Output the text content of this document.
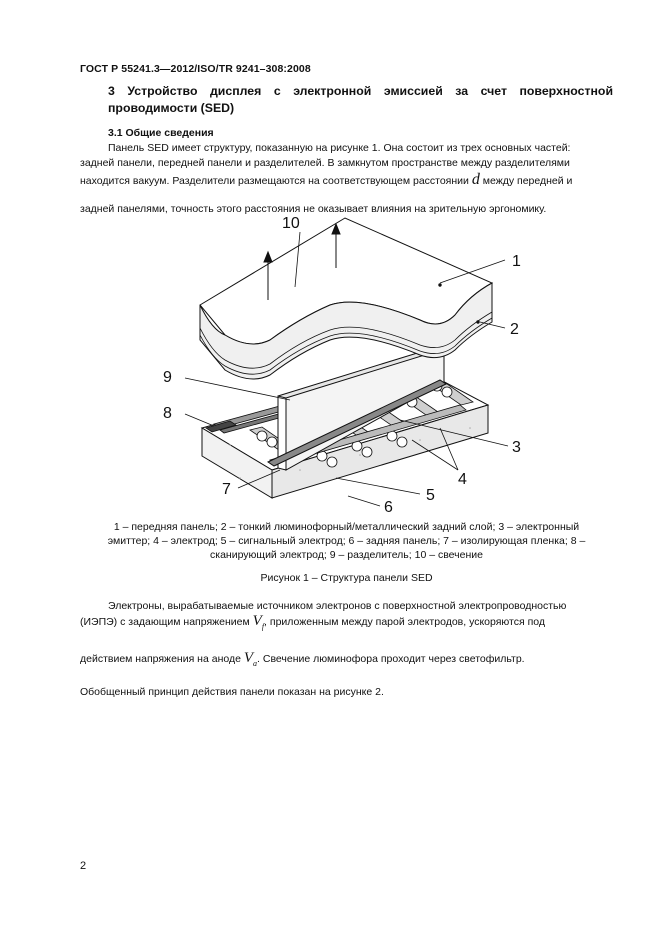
ГОСТ Р 55241.3—2012/ISO/TR 9241–308:2008
3 Устройство дисплея с электронной эмиссией за счет поверхностной проводимости (SED)
3.1 Общие сведения
Панель SED имеет структуру, показанную на рисунке 1. Она состоит из трех основных частей:
задней панели, передней панели и разделителей. В замкнутом пространстве между разделителями
находится вакуум. Разделители размещаются на соответствующем расстоянии d между передней и
задней панелями, точность этого расстояния не оказывает влияния на зрительную эргономику.
10
1
2
9
8
3
4
5
7
6
1 – передняя панель; 2 – тонкий люминофорный/металлический задний слой; 3 – электронный
эмиттер; 4 – электрод; 5 – сигнальный электрод; 6 – задняя панель; 7 – изолирующая пленка; 8 –
сканирующий электрод; 9 – разделитель; 10 – свечение
Рисунок 1 – Структура панели SED
Электроны, вырабатываемые источником электронов с поверхностной электропроводностью
(ИЭПЭ) с задающим напряжением $V_f$, приложенным между парой электродов, ускоряются под
действием напряжения на аноде $V_a$. Свечение люминофора проходит через светофильтр.
Обобщенный принцип действия панели показан на рисунке 2.
2
